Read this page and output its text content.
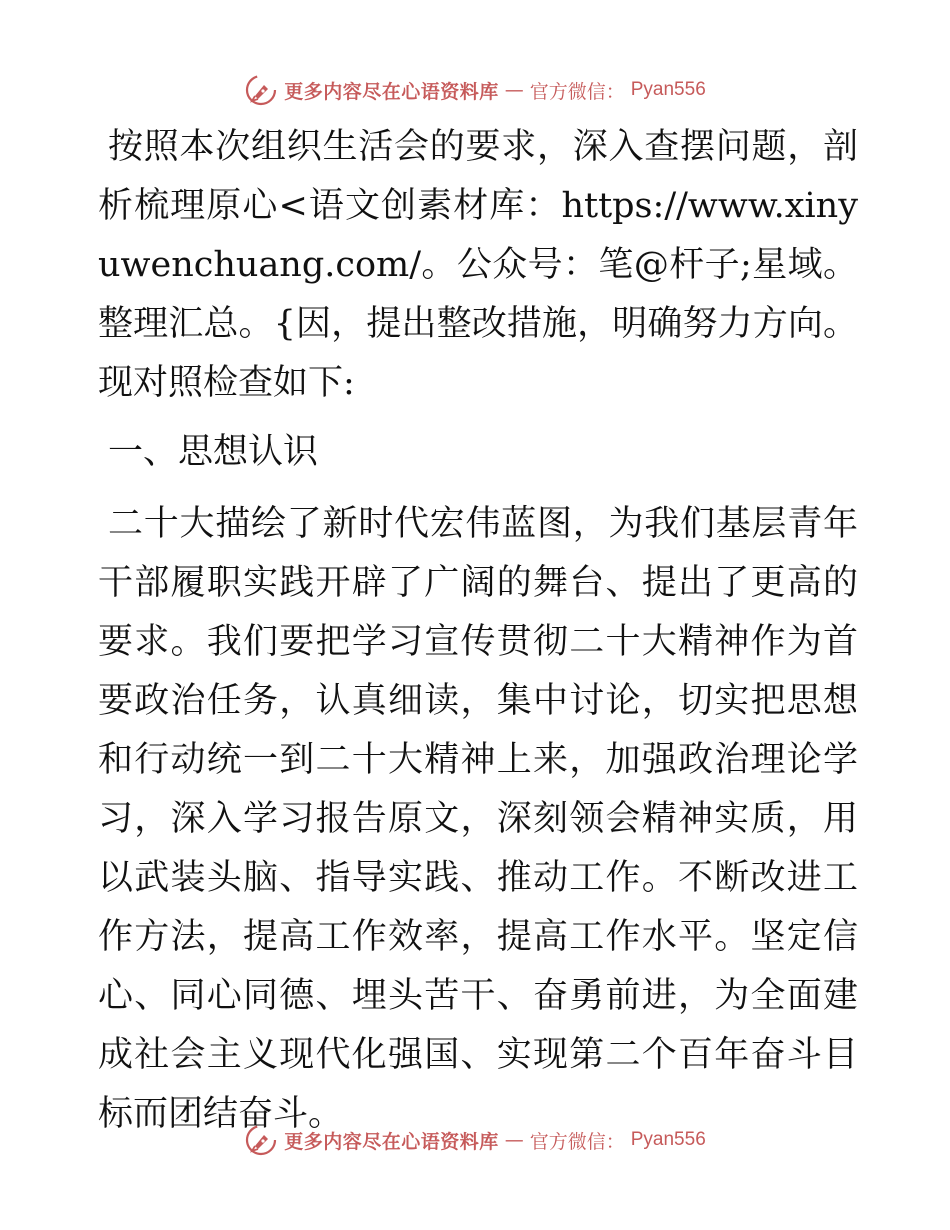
更多内容尽在心语资料库 — 官方微信： Pyan556

按照本次组织生活会的要求，深入查摆问题，剖析梳理原心<语文创素材库：https://www.xinyuwenchuang.com/。公众号：笔@杆子;星域。整理汇总。{因，提出整改措施，明确努力方向。现对照检查如下:

一、思想认识

二十大描绘了新时代宏伟蓝图，为我们基层青年干部履职实践开辟了广阔的舞台、提出了更高的要求。我们要把学习宣传贯彻二十大精神作为首要政治任务，认真细读，集中讨论，切实把思想和行动统一到二十大精神上来，加强政治理论学习，深入学习报告原文，深刻领会精神实质，用以武装头脑、指导实践、推动工作。不断改进工作方法，提高工作效率，提高工作水平。坚定信心、同心同德、埋头苦干、奋勇前进，为全面建成社会主义现代化强国、实现第二个百年奋斗目标而团结奋斗。

更多内容尽在心语资料库 — 官方微信： Pyan556
